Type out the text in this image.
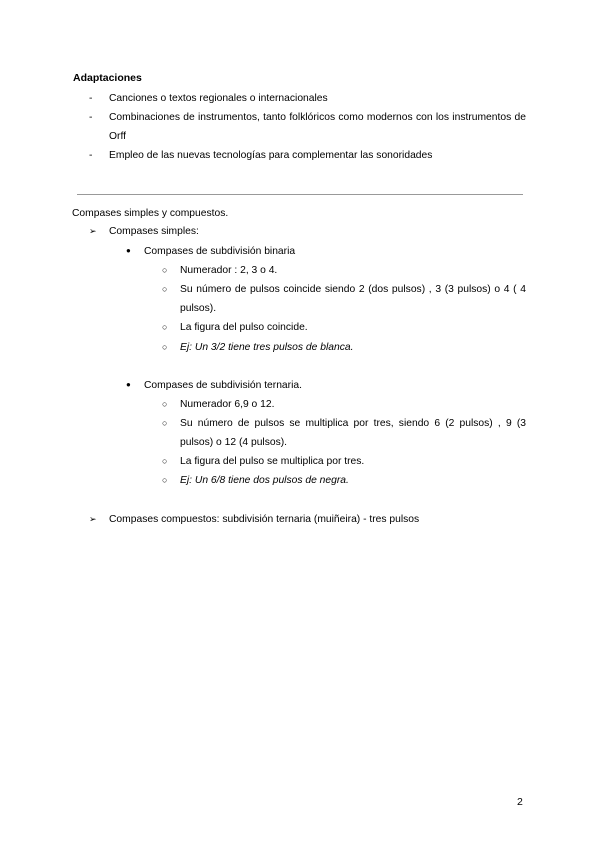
Adaptaciones
-	Canciones o textos regionales o internacionales
-	Combinaciones de instrumentos, tanto folklóricos como modernos con los instrumentos de Orff
-	Empleo de las nuevas tecnologías para complementar las sonoridades
Compases simples y compuestos.
➢ Compases simples:
● Compases de subdivisión binaria
○	Numerador : 2, 3 o 4.
○	Su número de pulsos coincide siendo 2 (dos pulsos) , 3 (3 pulsos) o 4 ( 4 pulsos).
○	La figura del pulso coincide.
○	Ej: Un 3/2 tiene tres pulsos de blanca.
● Compases de subdivisión ternaria.
○	Numerador 6,9 o 12.
○	Su número de pulsos se multiplica por tres, siendo 6 (2 pulsos) , 9 (3 pulsos) o 12 (4 pulsos).
○	La figura del pulso se multiplica por tres.
○	Ej: Un 6/8 tiene dos pulsos de negra.
➢ Compases compuestos: subdivisión ternaria (muiñeira) - tres pulsos
2
